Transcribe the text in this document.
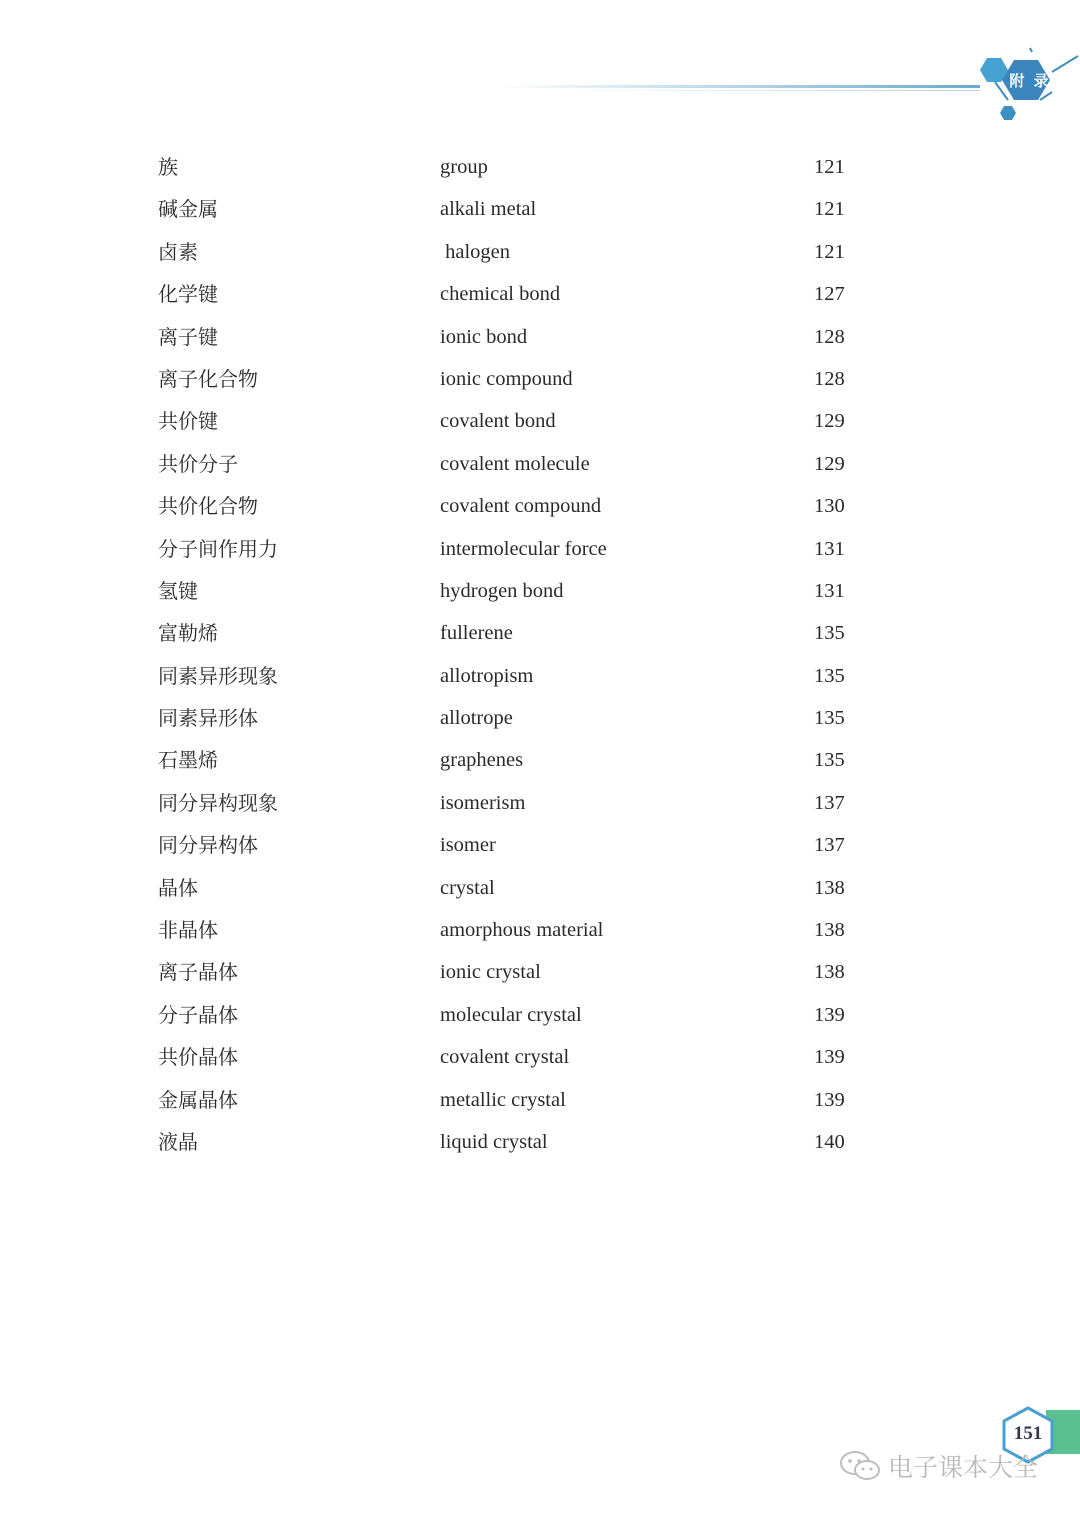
附 录
族	group	121
碱金属	alkali metal	121
卤素	halogen	121
化学键	chemical bond	127
离子键	ionic bond	128
离子化合物	ionic compound	128
共价键	covalent bond	129
共价分子	covalent molecule	129
共价化合物	covalent compound	130
分子间作用力	intermolecular force	131
氢键	hydrogen bond	131
富勒烯	fullerene	135
同素异形现象	allotropism	135
同素异形体	allotrope	135
石墨烯	graphenes	135
同分异构现象	isomerism	137
同分异构体	isomer	137
晶体	crystal	138
非晶体	amorphous material	138
离子晶体	ionic crystal	138
分子晶体	molecular crystal	139
共价晶体	covalent crystal	139
金属晶体	metallic crystal	139
液晶	liquid crystal	140
151
电子课本大全
